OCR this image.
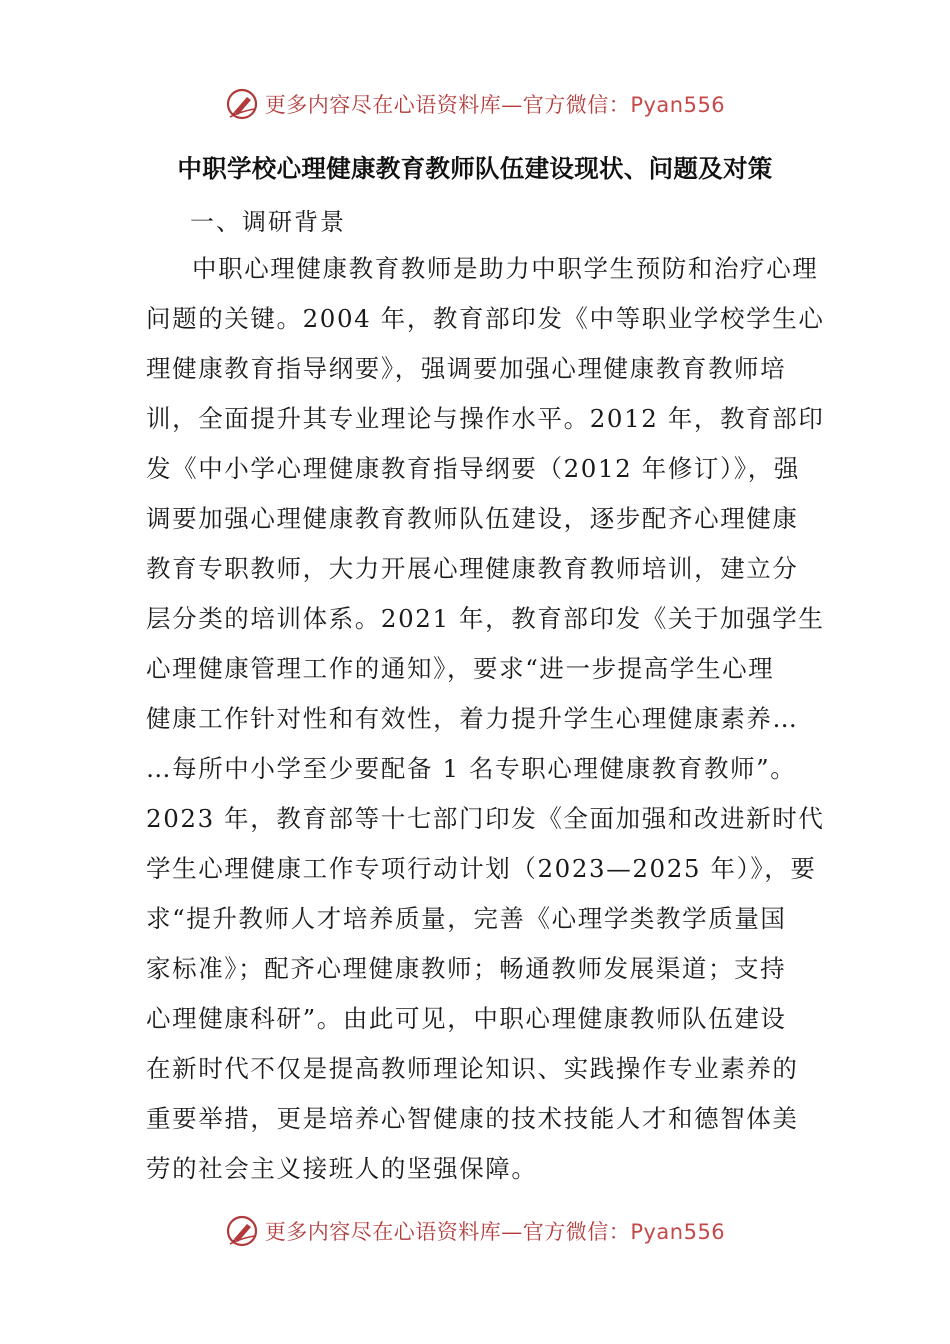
更多内容尽在心语资料库—官方微信：Pyan556
中职学校心理健康教育教师队伍建设现状、问题及对策
一、调研背景
中职心理健康教育教师是助力中职学生预防和治疗心理
问题的关键。2004 年，教育部印发《中等职业学校学生心
理健康教育指导纲要》，强调要加强心理健康教育教师培
训，全面提升其专业理论与操作水平。2012 年，教育部印
发《中小学心理健康教育指导纲要（2012 年修订）》，强
调要加强心理健康教育教师队伍建设，逐步配齐心理健康
教育专职教师，大力开展心理健康教育教师培训，建立分
层分类的培训体系。2021 年，教育部印发《关于加强学生
心理健康管理工作的通知》，要求“进一步提高学生心理
健康工作针对性和有效性，着力提升学生心理健康素养…
…每所中小学至少要配备 1 名专职心理健康教育教师”。
2023 年，教育部等十七部门印发《全面加强和改进新时代
学生心理健康工作专项行动计划（2023—2025 年）》，要
求“提升教师人才培养质量，完善《心理学类教学质量国
家标准》；配齐心理健康教师；畅通教师发展渠道；支持
心理健康科研”。由此可见，中职心理健康教师队伍建设
在新时代不仅是提高教师理论知识、实践操作专业素养的
重要举措，更是培养心智健康的技术技能人才和德智体美
劳的社会主义接班人的坚强保障。
更多内容尽在心语资料库—官方微信：Pyan556
